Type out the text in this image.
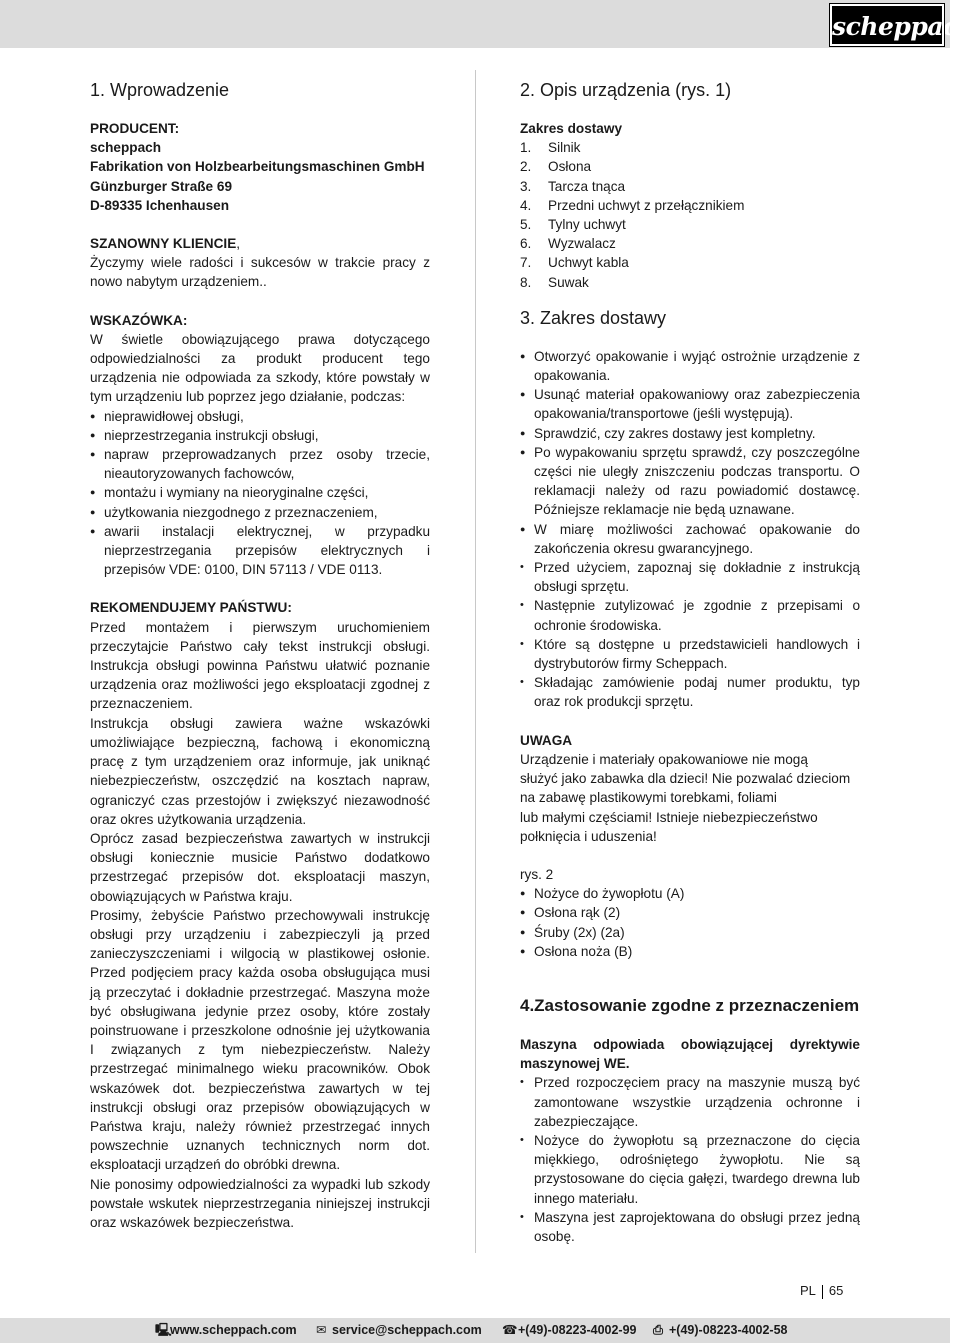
scheppach
1. Wprowadzenie
PRODUCENT:
scheppach
Fabrikation von Holzbearbeitungsmaschinen GmbH
Günzburger Straße 69
D-89335 Ichenhausen
SZANOWNY KLIENCIE,

Życzymy wiele radości i sukcesów w trakcie pracy z nowo nabytym urządzeniem..

WSKAZÓWKA:

W świetle obowiązującego prawa dotyczącego odpowiedzialności za produkt producent tego urządzenia nie odpowiada za szkody, które powstały w tym urządzeniu lub poprzez jego działanie, podczas:

● nieprawidłowej obsługi,
● nieprzestrzegania instrukcji obsługi,
● napraw przeprowadzanych przez osoby trzecie, nieautoryzowanych fachowców,
● montażu i wymiany na nieoryginalne części,
● użytkowania niezgodnego z przeznaczeniem,
● awarii instalacji elektrycznej, w przypadku nieprzestrzegania przepisów elektrycznych i przepisów VDE: 0100, DIN 57113 / VDE 0113.
REKOMENDUJEMY PAŃSTWU:

Przed montażem i pierwszym uruchomieniem przeczytajcie Państwo cały tekst instrukcji obsługi. Instrukcja obsługi powinna Państwu ułatwić poznanie urządzenia oraz możliwości jego eksploatacji zgodnej z przeznaczeniem.

Instrukcja obsługi zawiera ważne wskazówki umożliwiające bezpieczną, fachową i ekonomiczną pracę z tym urządzeniem oraz informuje, jak uniknąć niebezpieczeństw, oszczędzić na kosztach napraw, ograniczyć czas przestojów i zwiększyć niezawodność oraz okres użytkowania urządzenia.

Oprócz zasad bezpieczeństwa zawartych w instrukcji obsługi koniecznie musicie Państwo dodatkowo przestrzegać przepisów dot. eksploatacji maszyn, obowiązujących w Państwa kraju.

Prosimy, żebyście Państwo przechowywali instrukcję obsługi przy urządzeniu i zabezpieczyli ją przed zanieczyszczeniami i wilgocią w plastikowej osłonie. Przed podjęciem pracy każda osoba obsługująca musi ją przeczytać i dokładnie przestrzegać. Maszyna może być obsługiwana jedynie przez osoby, które zostały poinstruowane i przeszkolone odnośnie jej użytkowania I związanych z tym niebezpieczeństw. Należy przestrzegać minimalnego wieku pracowników. Obok wskazówek dot. bezpieczeństwa zawartych w tej instrukcji obsługi oraz przepisów obowiązujących w Państwa kraju, należy również przestrzegać innych powszechnie uznanych technicznych norm dot. eksploatacji urządzeń do obróbki drewna.

Nie ponosimy odpowiedzialności za wypadki lub szkody powstałe wskutek nieprzestrzegania niniejszej instrukcji oraz wskazówek bezpieczeństwa.

2. Opis urządzenia (rys. 1)
Zakres dostawy
1. Silnik
2. Osłona
3. Tarcza tnąca
4. Przedni uchwyt z przełącznikiem
5. Tylny uchwyt
6. Wyzwalacz
7. Uchwyt kabla
8. Suwak
3. Zakres dostawy
● Otworzyć opakowanie i wyjąć ostrożnie urządzenie z opakowania.
● Usunąć materiał opakowaniowy oraz zabezpieczenia opakowania/transportowe (jeśli występują).
● Sprawdzić, czy zakres dostawy jest kompletny.
● Po wypakowaniu sprzętu sprawdź, czy poszczególne części nie uległy zniszczeniu podczas transportu. O reklamacji należy od razu powiadomić dostawcę. Późniejsze reklamacje nie będą uznawane.
● W miarę możliwości zachować opakowanie do zakończenia okresu gwarancyjnego.
• Przed użyciem, zapoznaj się dokładnie z instrukcją obsługi sprzętu.
• Następnie zutylizować je zgodnie z przepisami o ochronie środowiska.
• Które są dostępne u przedstawicieli handlowych i dystrybutorów firmy Scheppach.
• Składając zamówienie podaj numer produktu, typ oraz rok produkcji sprzętu.
UWAGA
Urządzenie i materiały opakowaniowe nie mogą
służyć jako zabawka dla dzieci! Nie pozwalać dzieciom
na zabawę plastikowymi torebkami, foliami
lub małymi częściami! Istnieje niebezpieczeństwo
połknięcia i uduszenia!
rys. 2
● Nożyce do żywopłotu (A)
● Osłona rąk (2)
● Śruby (2x) (2a)
● Osłona noża (B)
4.Zastosowanie zgodne z przeznaczeniem

Maszyna odpowiada obowiązującej dyrektywie maszynowej WE.

• Przed rozpoczęciem pracy na maszynie muszą być zamontowane wszystkie urządzenia ochronne i zabezpieczające.
• Nożyce do żywopłotu są przeznaczone do cięcia miękkiego, odrośniętego żywopłotu. Nie są przystosowane do cięcia gałęzi, twardego drewna lub innego materiału.
• Maszyna jest zaprojektowana do obsługi przez jedną osobę.
PL 65
🖳
www.scheppach.com ✉ service@scheppach.com ☎ +(49)-08223-4002-99 ⎙ +(49)-08223-4002-58
